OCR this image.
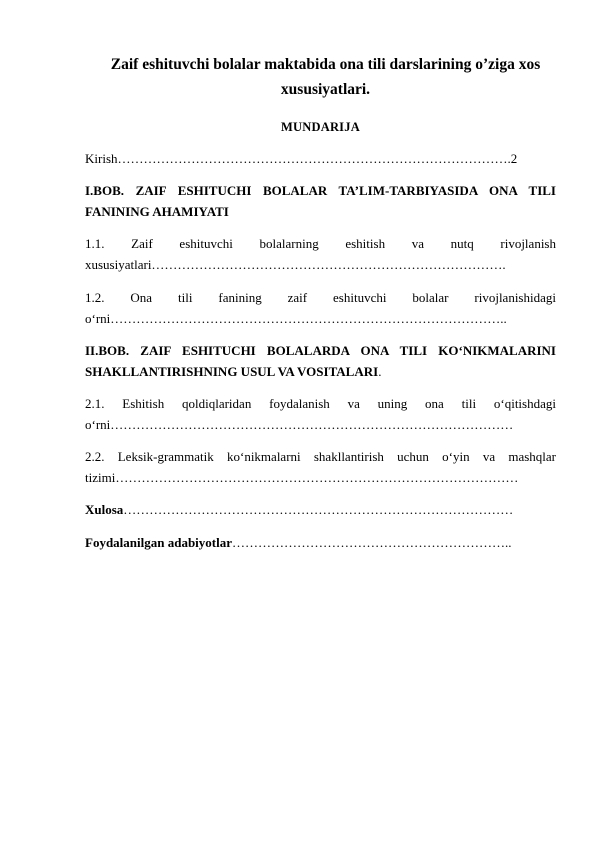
Zaif eshituvchi bolalar maktabida ona tili darslarining o’ziga xos
xususiyatlari.

MUNDARIJA
Kirish……………………………………………………………………………….2
I.BOB. ZAIF ESHITUCHI BOLALAR TA’LIM-TARBIYASIDA ONA TILI FANINING AHAMIYATI
1.1. Zaif eshituvchi bolalarning eshitish va nutq rivojlanish
xususiyatlari……………………………………………………………………….
1.2. Ona tili fanining zaif eshituvchi bolalar rivojlanishidagi
o‘rni………………………………………………………………………………..
II.BOB. ZAIF ESHITUCHI BOLALARDA ONA TILI KO‘NIKMALARINI SHAKLLANTIRISHNING USUL VA VOSITALARI.
2.1. Eshitish qoldiqlaridan foydalanish va uning ona tili o‘qitishdagi
o‘rni…………………………………………………………………………………
2.2. Leksik-grammatik ko‘nikmalarni shakllantirish uchun o‘yin va mashqlar
tizimi…………………………………………………………………………………
Xulosa………………………………………………………………………………
Foydalanilgan adabiyotlar………………………………………………………..
